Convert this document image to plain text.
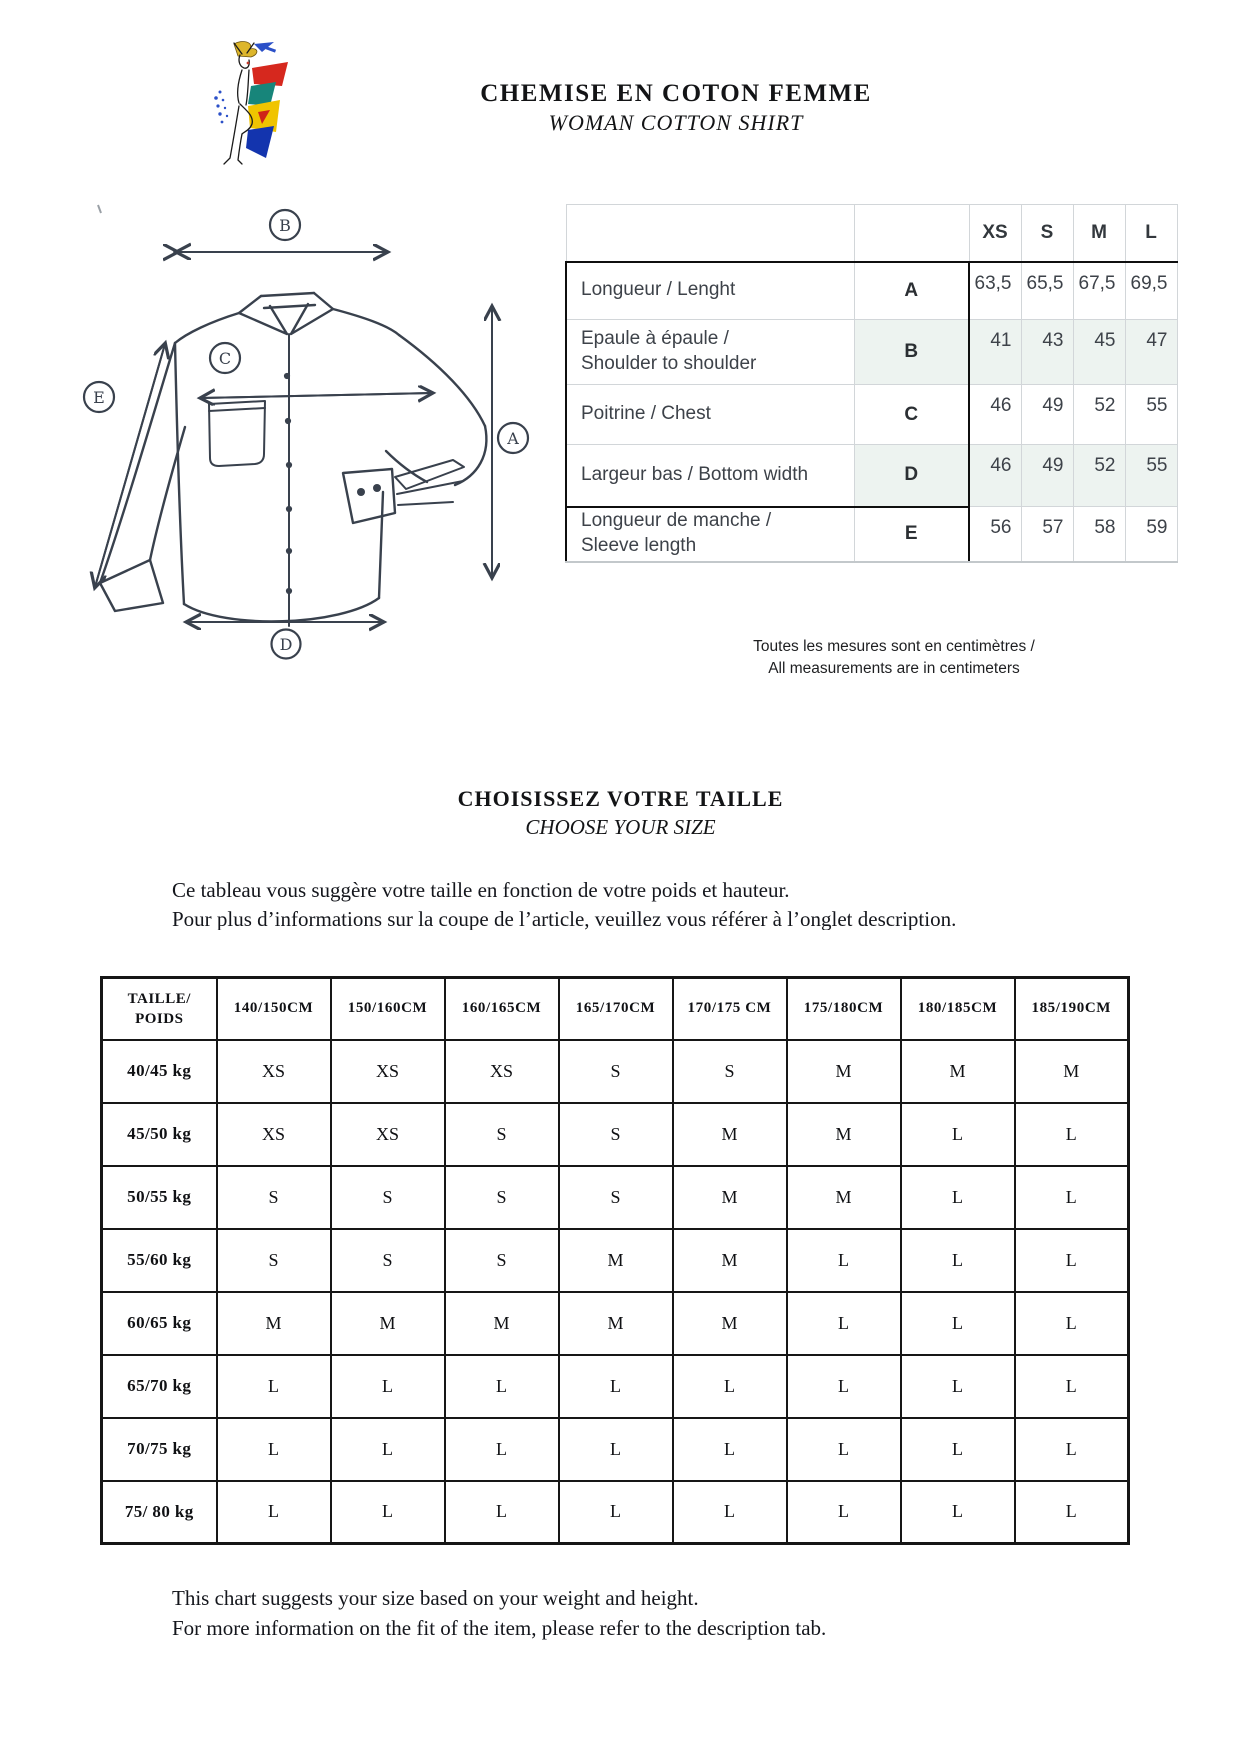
CHEMISE EN COTON FEMME
WOMAN COTTON SHIRT
B
A
C
D
E
		XS	S	M	L

Longueur / Lenght	A	63,5	65,5	67,5	69,5

Epaule à épaule /
Shoulder to shoulder	B	41	43	45	47

Poitrine / Chest	C	46	49	52	55

Largeur bas / Bottom width	D	46	49	52	55

Longueur de manche /
Sleeve length	E	56	57	58	59
Toutes les mesures sont en centimètres /
All measurements are in centimeters
CHOISISSEZ VOTRE TAILLE
CHOOSE YOUR SIZE
Ce tableau vous suggère votre taille en fonction de votre poids et hauteur.
Pour plus d’informations sur la coupe de l’article, veuillez vous référer à l’onglet description.
TAILLE/
POIDS	140/150CM	150/160CM	160/165CM	165/170CM	170/175 CM	175/180CM	180/185CM	185/190CM
40/45 kg	XS	XS	XS	S	S	M	M	M
45/50 kg	XS	XS	S	S	M	M	L	L
50/55 kg	S	S	S	S	M	M	L	L
55/60 kg	S	S	S	M	M	L	L	L
60/65 kg	M	M	M	M	M	L	L	L
65/70 kg	L	L	L	L	L	L	L	L
70/75 kg	L	L	L	L	L	L	L	L
75/ 80 kg	L	L	L	L	L	L	L	L
This chart suggests your size based on your weight and height.
For more information on the fit of the item, please refer to the description tab.
